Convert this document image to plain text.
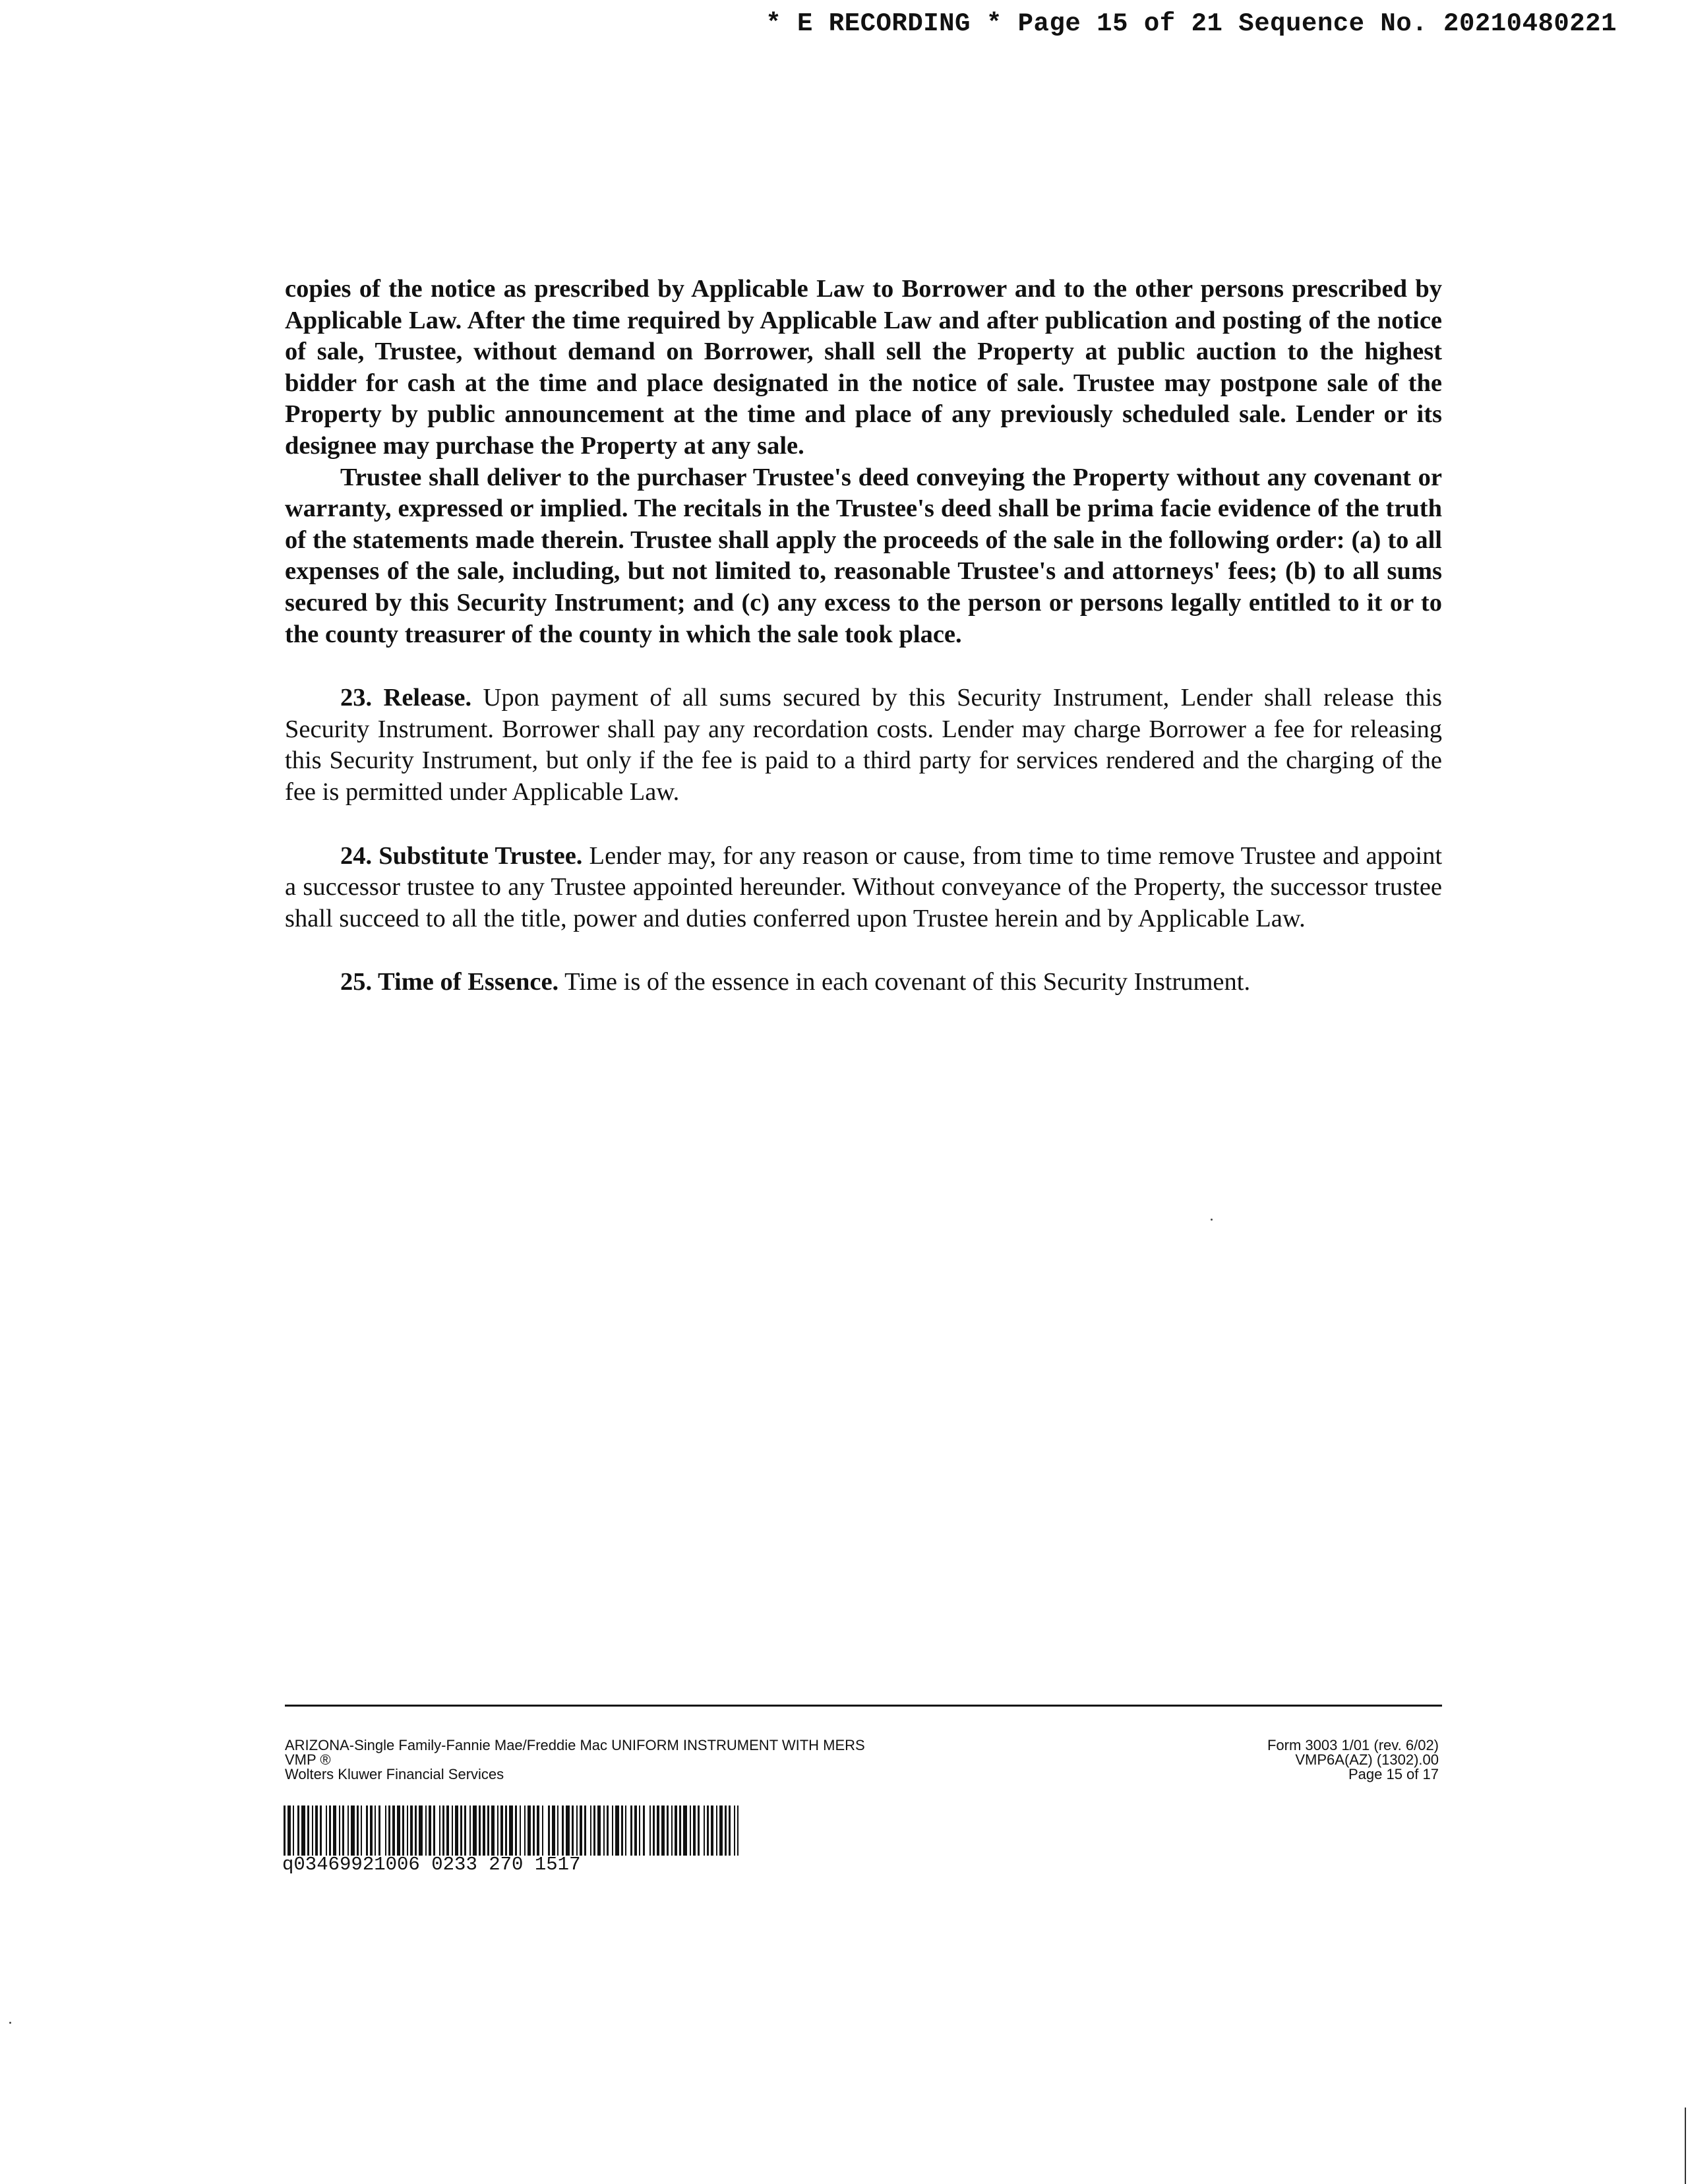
* E RECORDING * Page 15 of 21 Sequence No. 20210480221

copies of the notice as prescribed by Applicable Law to Borrower and to the other persons prescribed by Applicable Law. After the time required by Applicable Law and after publication and posting of the notice of sale, Trustee, without demand on Borrower, shall sell the Property at public auction to the highest bidder for cash at the time and place designated in the notice of sale. Trustee may postpone sale of the Property by public announcement at the time and place of any previously scheduled sale. Lender or its designee may purchase the Property at any sale.

Trustee shall deliver to the purchaser Trustee's deed conveying the Property without any covenant or warranty, expressed or implied. The recitals in the Trustee's deed shall be prima facie evidence of the truth of the statements made therein. Trustee shall apply the proceeds of the sale in the following order: (a) to all expenses of the sale, including, but not limited to, reasonable Trustee's and attorneys' fees; (b) to all sums secured by this Security Instrument; and (c) any excess to the person or persons legally entitled to it or to the county treasurer of the county in which the sale took place.

23. Release. Upon payment of all sums secured by this Security Instrument, Lender shall release this Security Instrument. Borrower shall pay any recordation costs. Lender may charge Borrower a fee for releasing this Security Instrument, but only if the fee is paid to a third party for services rendered and the charging of the fee is permitted under Applicable Law.

24. Substitute Trustee. Lender may, for any reason or cause, from time to time remove Trustee and appoint a successor trustee to any Trustee appointed hereunder. Without conveyance of the Property, the successor trustee shall succeed to all the title, power and duties conferred upon Trustee herein and by Applicable Law.

25. Time of Essence. Time is of the essence in each covenant of this Security Instrument.

ARIZONA-Single Family-Fannie Mae/Freddie Mac UNIFORM INSTRUMENT WITH MERS
VMP ®
Wolters Kluwer Financial Services
Form 3003 1/01 (rev. 6/02)
VMP6A(AZ) (1302).00
Page 15 of 17
q03469921006 0233 270 1517
